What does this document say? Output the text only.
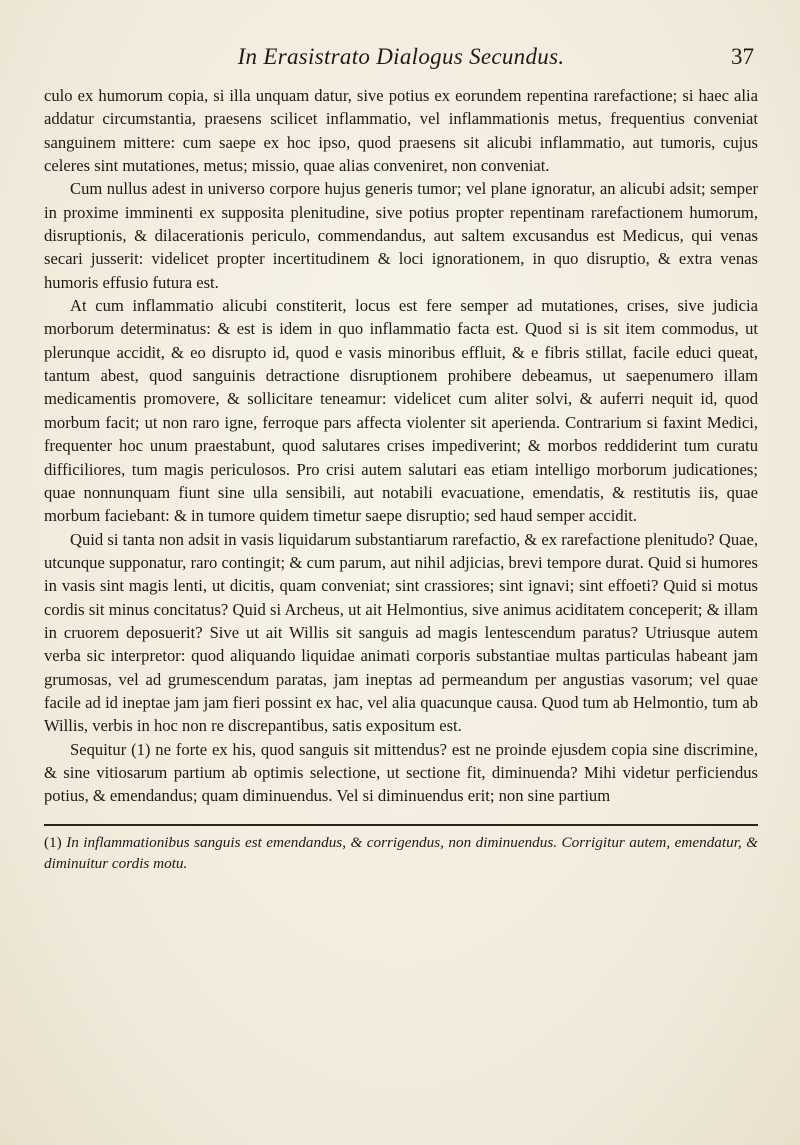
In Erasistrato Dialogus Secundus.	37

culo ex humorum copia, si illa unquam datur, sive potius ex eorundem repentina rarefactione; si haec alia addatur circumstantia, praesens scilicet inflammatio, vel inflammationis metus, frequentius conveniat sanguinem mittere: cum saepe ex hoc ipso, quod praesens sit alicubi inflammatio, aut tumoris, cujus celeres sint mutationes, metus; missio, quae alias conveniret, non conveniat.

Cum nullus adest in universo corpore hujus generis tumor; vel plane ignoratur, an alicubi adsit; semper in proxime imminenti ex supposita plenitudine, sive potius propter repentinam rarefactionem humorum, disruptionis, & dilacerationis periculo, commendandus, aut saltem excusandus est Medicus, qui venas secari jusserit: videlicet propter incertitudinem & loci ignorationem, in quo disruptio, & extra venas humoris effusio futura est.

At cum inflammatio alicubi constiterit, locus est fere semper ad mutationes, crises, sive judicia morborum determinatus: & est is idem in quo inflammatio facta est. Quod si is sit item commodus, ut plerunque accidit, & eo disrupto id, quod e vasis minoribus effluit, & e fibris stillat, facile educi queat, tantum abest, quod sanguinis detractione disruptionem prohibere debeamus, ut saepenumero illam medicamentis promovere, & sollicitare teneamur: videlicet cum aliter solvi, & auferri nequit id, quod morbum facit; ut non raro igne, ferroque pars affecta violenter sit aperienda. Contrarium si faxint Medici, frequenter hoc unum praestabunt, quod salutares crises impediverint; & morbos reddiderint tum curatu difficiliores, tum magis periculosos. Pro crisi autem salutari eas etiam intelligo morborum judicationes; quae nonnunquam fiunt sine ulla sensibili, aut notabili evacuatione, emendatis, & restitutis iis, quae morbum faciebant: & in tumore quidem timetur saepe disruptio; sed haud semper accidit.

Quid si tanta non adsit in vasis liquidarum substantiarum rarefactio, & ex rarefactione plenitudo? Quae, utcunque supponatur, raro contingit; & cum parum, aut nihil adjicias, brevi tempore durat. Quid si humores in vasis sint magis lenti, ut dicitis, quam conveniat; sint crassiores; sint ignavi; sint effoeti? Quid si motus cordis sit minus concitatus? Quid si Archeus, ut ait Helmontius, sive animus aciditatem conceperit; & illam in cruorem deposuerit? Sive ut ait Willis sit sanguis ad magis lentescendum paratus? Utriusque autem verba sic interpretor: quod aliquando liquidae animati corporis substantiae multas particulas habeant jam grumosas, vel ad grumescendum paratas, jam ineptas ad permeandum per angustias vasorum; vel quae facile ad id ineptae jam jam fieri possint ex hac, vel alia quacunque causa. Quod tum ab Helmontio, tum ab Willis, verbis in hoc non re discrepantibus, satis expositum est.

Sequitur (1) ne forte ex his, quod sanguis sit mittendus? est ne proinde ejusdem copia sine discrimine, & sine vitiosarum partium ab optimis selectione, ut sectione fit, diminuenda? Mihi videtur perficiendus potius, & emendandus; quam diminuendus. Vel si diminuendus erit; non sine partium

(1) In inflammationibus sanguis est emendandus, & corrigendus, non diminuendus. Corrigitur autem, emendatur, & diminuitur cordis motu.
